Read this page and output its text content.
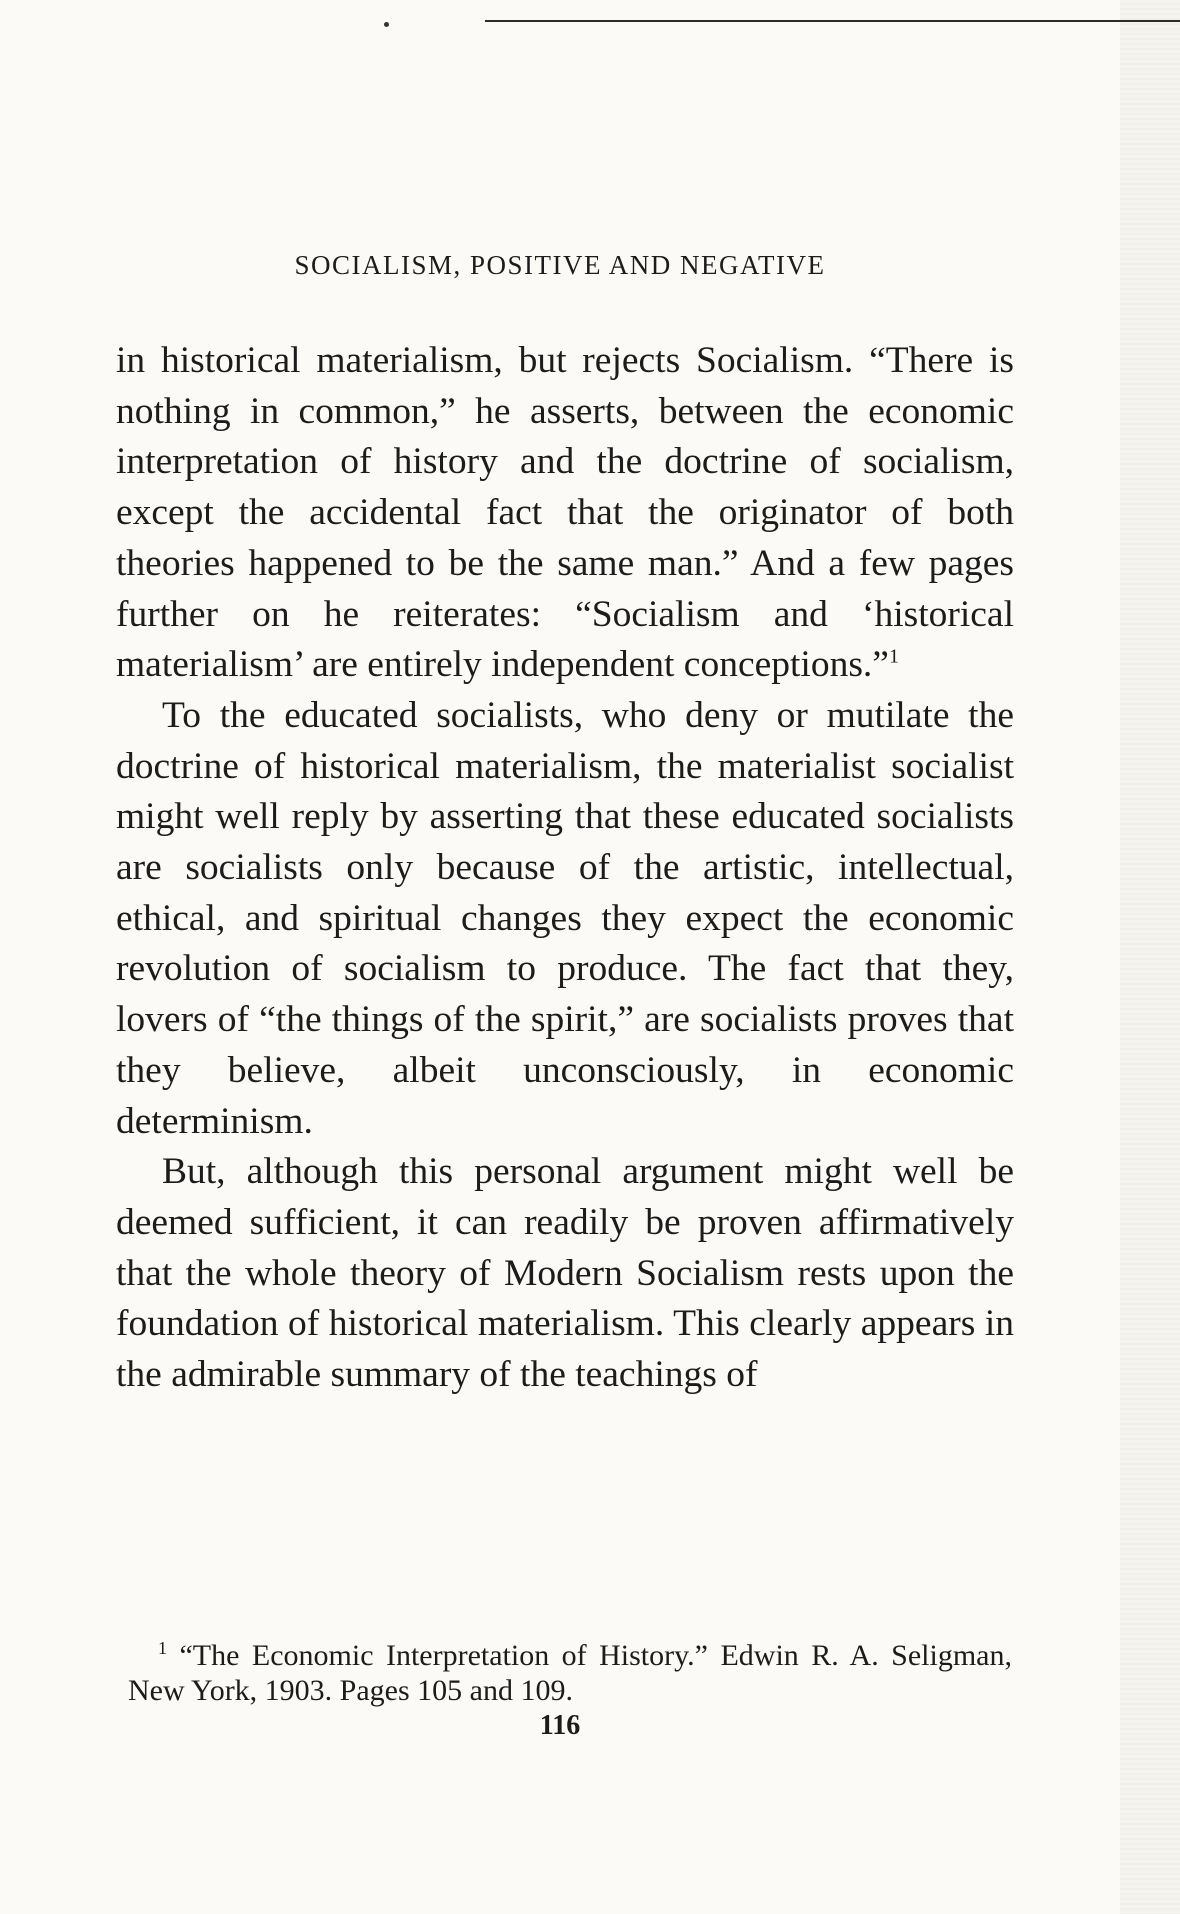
SOCIALISM, POSITIVE AND NEGATIVE

in historical materialism, but rejects Socialism. “There is nothing in common,” he asserts, between the economic interpretation of history and the doctrine of socialism, except the accidental fact that the originator of both theories happened to be the same man.” And a few pages further on he reiterates: “Socialism and ‘historical materialism’ are entirely independent conceptions.”$^1$

To the educated socialists, who deny or mutilate the doctrine of historical materialism, the materialist socialist might well reply by asserting that these educated socialists are socialists only because of the artistic, intellectual, ethical, and spiritual changes they expect the economic revolution of socialism to produce. The fact that they, lovers of “the things of the spirit,” are socialists proves that they believe, albeit unconsciously, in economic determinism.

But, although this personal argument might well be deemed sufficient, it can readily be proven affirmatively that the whole theory of Modern Socialism rests upon the foundation of historical materialism. This clearly appears in the admirable summary of the teachings of

$^1$ “The Economic Interpretation of History.” Edwin R. A. Seligman, New York, 1903. Pages 105 and 109.
116
